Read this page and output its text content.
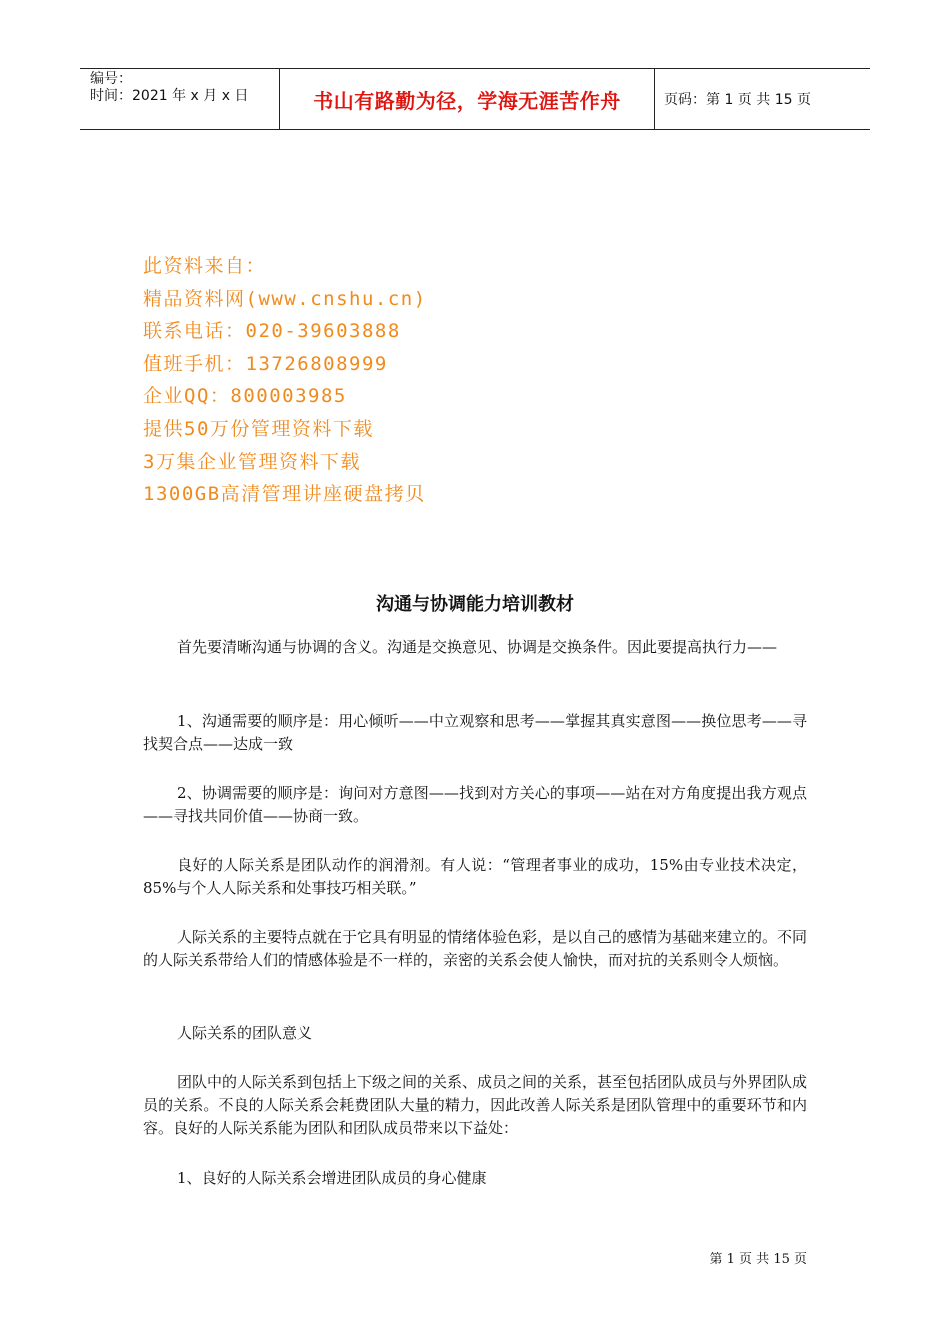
编号：
时间：2021 年 x 月 x 日	书山有路勤为径，学海无涯苦作舟	页码：第 1 页 共 15 页
此资料来自：
精品资料网(www.cnshu.cn)
联系电话：020-39603888
值班手机：13726808999
企业QQ：800003985
提供50万份管理资料下载
3万集企业管理资料下载
1300GB高清管理讲座硬盘拷贝
沟通与协调能力培训教材
首先要清晰沟通与协调的含义。沟通是交换意见、协调是交换条件。因此要提高执行力——
1、沟通需要的顺序是：用心倾听——中立观察和思考——掌握其真实意图——换位思考——寻找契合点——达成一致
2、协调需要的顺序是：询问对方意图——找到对方关心的事项——站在对方角度提出我方观点——寻找共同价值——协商一致。
良好的人际关系是团队动作的润滑剂。有人说：“管理者事业的成功，15%由专业技术决定，85%与个人人际关系和处事技巧相关联。”
人际关系的主要特点就在于它具有明显的情绪体验色彩，是以自己的感情为基础来建立的。不同的人际关系带给人们的情感体验是不一样的，亲密的关系会使人愉快，而对抗的关系则令人烦恼。
人际关系的团队意义
团队中的人际关系到包括上下级之间的关系、成员之间的关系，甚至包括团队成员与外界团队成员的关系。不良的人际关系会耗费团队大量的精力，因此改善人际关系是团队管理中的重要环节和内容。良好的人际关系能为团队和团队成员带来以下益处：
1、良好的人际关系会增进团队成员的身心健康
第 1 页 共 15 页
